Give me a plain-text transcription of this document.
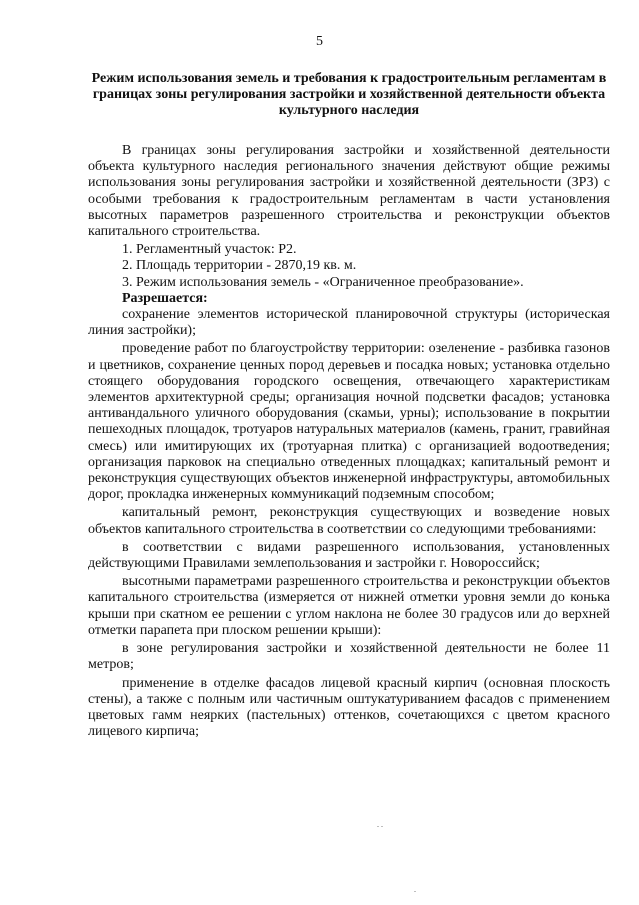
5
Режим использования земель и требования к градостроительным регламентам в границах зоны регулирования застройки и хозяйственной деятельности объекта культурного наследия

В границах зоны регулирования застройки и хозяйственной деятельности объекта культурного наследия регионального значения действуют общие режимы использования зоны регулирования застройки и хозяйственной деятельности (ЗРЗ) с особыми требования к градостроительным регламентам в части установления высотных параметров разрешенного строительства и реконструкции объектов капитального строительства.

1. Регламентный участок: Р2.

2. Площадь территории - 2870,19 кв. м.

3. Режим использования земель - «Ограниченное преобразование».

Разрешается:

сохранение элементов исторической планировочной структуры (историческая линия застройки);

проведение работ по благоустройству территории: озеленение - разбивка газонов и цветников, сохранение ценных пород деревьев и посадка новых; установка отдельно стоящего оборудования городского освещения, отвечающего характеристикам элементов архитектурной среды; организация ночной подсветки фасадов; установка антивандального уличного оборудования (скамьи, урны); использование в покрытии пешеходных площадок, тротуаров натуральных материалов (камень, гранит, гравийная смесь) или имитирующих их (тротуарная плитка) с организацией водоотведения; организация парковок на специально отведенных площадках; капитальный ремонт и реконструкция существующих объектов инженерной инфраструктуры, автомобильных дорог, прокладка инженерных коммуникаций подземным способом;

капитальный ремонт, реконструкция существующих и возведение новых объектов капитального строительства в соответствии со следующими требованиями:

в соответствии с видами разрешенного использования, установленных действующими Правилами землепользования и застройки г. Новороссийск;

высотными параметрами разрешенного строительства и реконструкции объектов капитального строительства (измеряется от нижней отметки уровня земли до конька крыши при скатном ее решении с углом наклона не более 30 градусов или до верхней отметки парапета при плоском решении крыши):

в зоне регулирования застройки и хозяйственной деятельности не более 11 метров;

применение в отделке фасадов лицевой красный кирпич (основная плоскость стены), а также с полным или частичным оштукатуриванием фасадов с применением цветовых гамм неярких (пастельных) оттенков, сочетающихся с цветом красного лицевого кирпича;

. .
.
